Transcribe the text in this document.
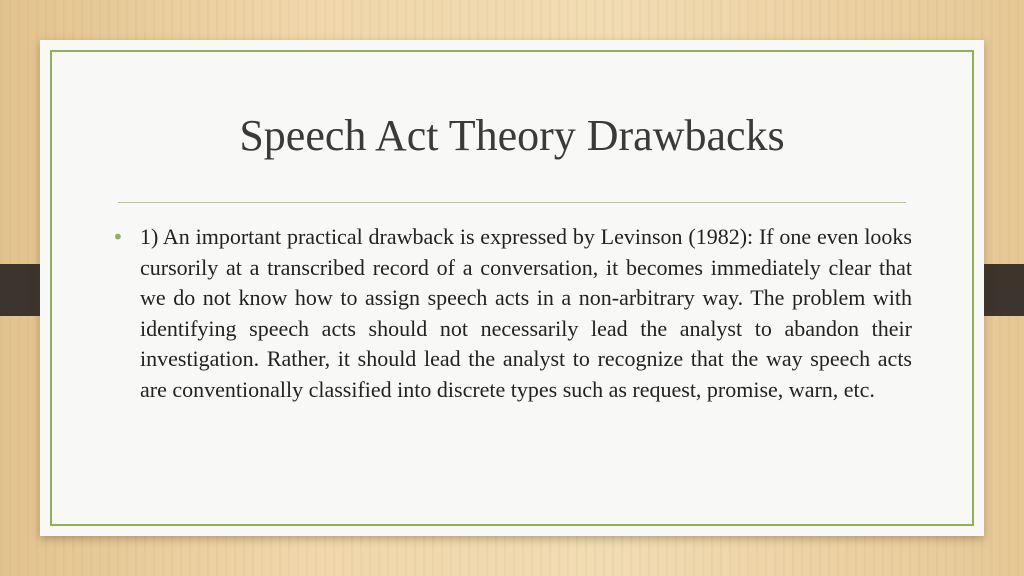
Speech Act Theory Drawbacks
• 1) An important practical drawback is expressed by Levinson (1982): If one even looks cursorily at a transcribed record of a conversation, it becomes immediately clear that we do not know how to assign speech acts in a non-arbitrary way. The problem with identifying speech acts should not necessarily lead the analyst to abandon their investigation. Rather, it should lead the analyst to recognize that the way speech acts are conventionally classified into discrete types such as request, promise, warn, etc.
